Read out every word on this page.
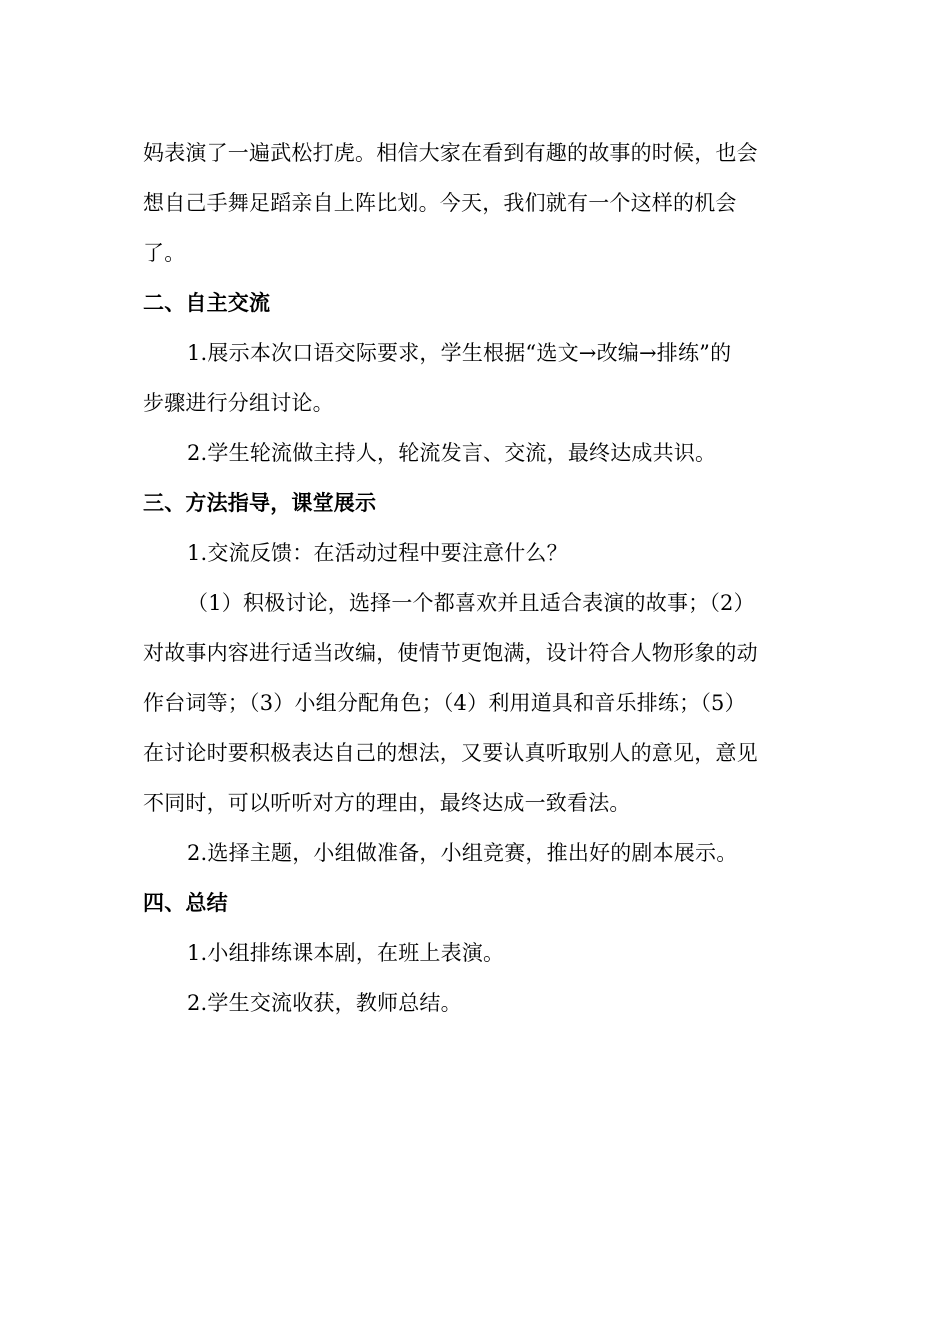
妈表演了一遍武松打虎。相信大家在看到有趣的故事的时候，也会
想自己手舞足蹈亲自上阵比划。今天，我们就有一个这样的机会
了。
二、自主交流
1.展示本次口语交际要求，学生根据“选文→改编→排练”的
步骤进行分组讨论。
2.学生轮流做主持人，轮流发言、交流，最终达成共识。
三、方法指导，课堂展示
1.交流反馈：在活动过程中要注意什么？
（1）积极讨论，选择一个都喜欢并且适合表演的故事；（2）
对故事内容进行适当改编，使情节更饱满，设计符合人物形象的动
作台词等；（3）小组分配角色；（4）利用道具和音乐排练；（5）
在讨论时要积极表达自己的想法，又要认真听取别人的意见，意见
不同时，可以听听对方的理由，最终达成一致看法。
2.选择主题，小组做准备，小组竞赛，推出好的剧本展示。
四、总结
1.小组排练课本剧，在班上表演。
2.学生交流收获，教师总结。
